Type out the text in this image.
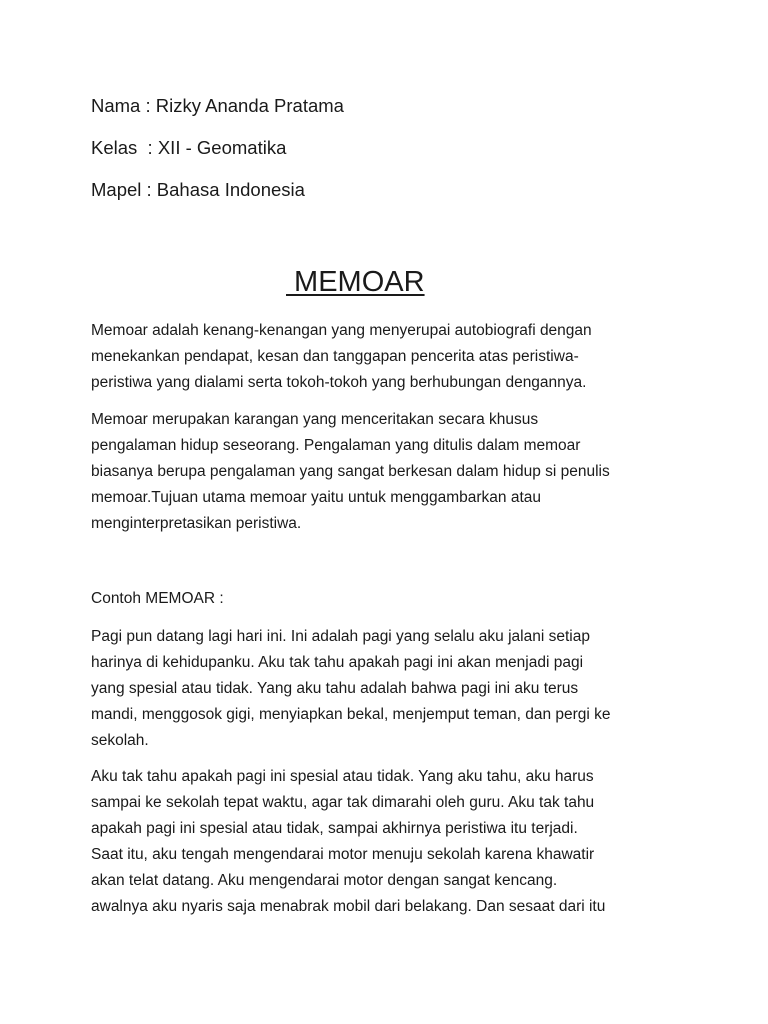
Nama : Rizky Ananda Pratama
Kelas  : XII - Geomatika
Mapel : Bahasa Indonesia
MEMOAR

Memoar adalah kenang-kenangan yang menyerupai autobiografi dengan
menekankan pendapat, kesan dan tanggapan pencerita atas peristiwa-
peristiwa yang dialami serta tokoh-tokoh yang berhubungan dengannya.

Memoar merupakan karangan yang menceritakan secara khusus
pengalaman hidup seseorang. Pengalaman yang ditulis dalam memoar
biasanya berupa pengalaman yang sangat berkesan dalam hidup si penulis
memoar.Tujuan utama memoar yaitu untuk menggambarkan atau
menginterpretasikan peristiwa.

Contoh MEMOAR :

Pagi pun datang lagi hari ini. Ini adalah pagi yang selalu aku jalani setiap
harinya di kehidupanku. Aku tak tahu apakah pagi ini akan menjadi pagi
yang spesial atau tidak. Yang aku tahu adalah bahwa pagi ini aku terus
mandi, menggosok gigi, menyiapkan bekal, menjemput teman, dan pergi ke
sekolah.

Aku tak tahu apakah pagi ini spesial atau tidak. Yang aku tahu, aku harus
sampai ke sekolah tepat waktu, agar tak dimarahi oleh guru. Aku tak tahu
apakah pagi ini spesial atau tidak, sampai akhirnya peristiwa itu terjadi.
Saat itu, aku tengah mengendarai motor menuju sekolah karena khawatir
akan telat datang. Aku mengendarai motor dengan sangat kencang.
awalnya aku nyaris saja menabrak mobil dari belakang. Dan sesaat dari itu
